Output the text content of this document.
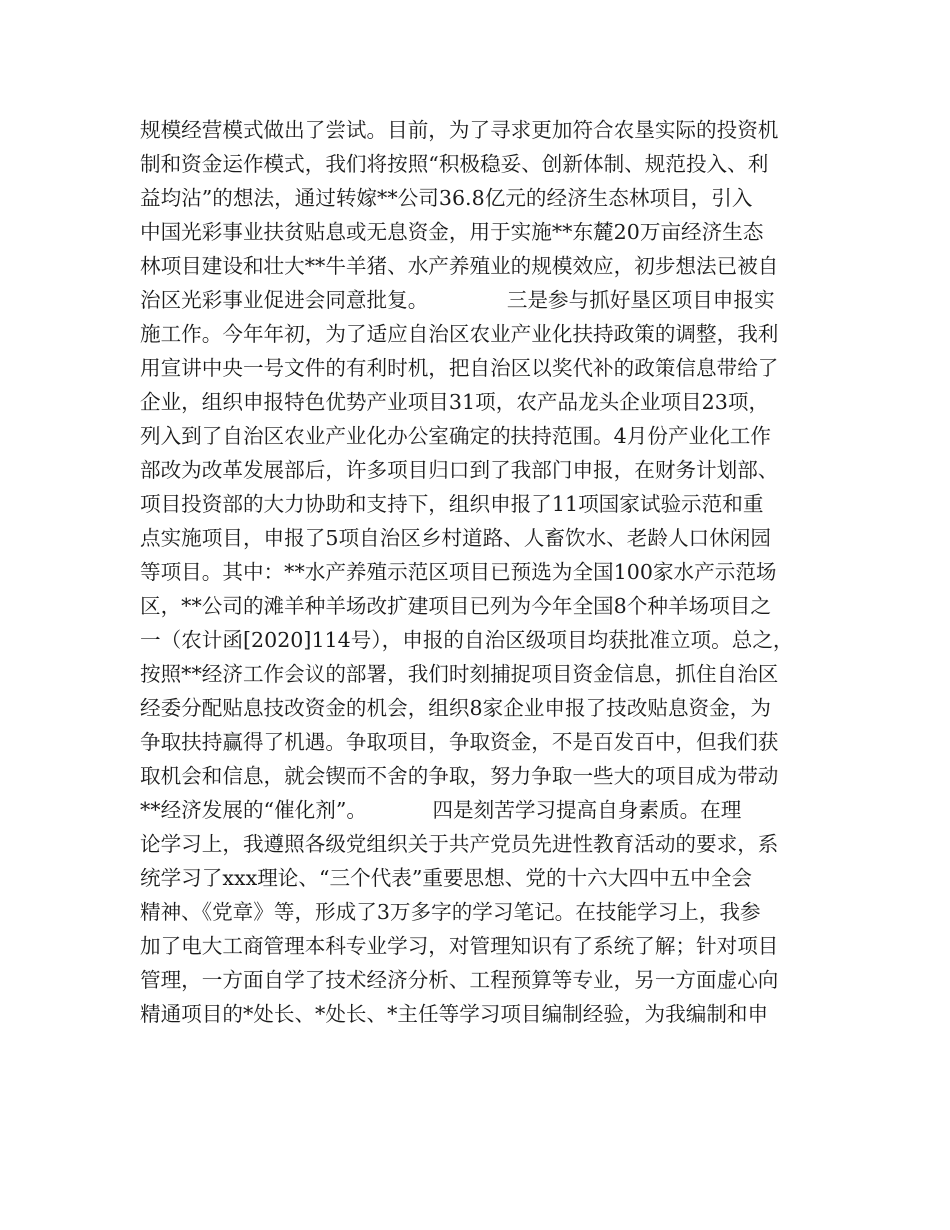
规模经营模式做出了尝试。目前，为了寻求更加符合农垦实际的投资机
制和资金运作模式，我们将按照“积极稳妥、创新体制、规范投入、利
益均沾”的想法，通过转嫁**公司36.8亿元的经济生态林项目，引入
中国光彩事业扶贫贴息或无息资金，用于实施**东麓20万亩经济生态
林项目建设和壮大**牛羊猪、水产养殖业的规模效应，初步想法已被自
治区光彩事业促进会同意批复。            三是参与抓好垦区项目申报实
施工作。今年年初，为了适应自治区农业产业化扶持政策的调整，我利
用宣讲中央一号文件的有利时机，把自治区以奖代补的政策信息带给了
企业，组织申报特色优势产业项目31项，农产品龙头企业项目23项，
列入到了自治区农业产业化办公室确定的扶持范围。4月份产业化工作
部改为改革发展部后，许多项目归口到了我部门申报，在财务计划部、
项目投资部的大力协助和支持下，组织申报了11项国家试验示范和重
点实施项目，申报了5项自治区乡村道路、人畜饮水、老龄人口休闲园
等项目。其中：**水产养殖示范区项目已预选为全国100家水产示范场
区，**公司的滩羊种羊场改扩建项目已列为今年全国8个种羊场项目之
一（农计函[2020]114号），申报的自治区级项目均获批准立项。总之，
按照**经济工作会议的部署，我们时刻捕捉项目资金信息，抓住自治区
经委分配贴息技改资金的机会，组织8家企业申报了技改贴息资金，为
争取扶持赢得了机遇。争取项目，争取资金，不是百发百中，但我们获
取机会和信息，就会锲而不舍的争取，努力争取一些大的项目成为带动
**经济发展的“催化剂”。          四是刻苦学习提高自身素质。在理
论学习上，我遵照各级党组织关于共产党员先进性教育活动的要求，系
统学习了xxx理论、“三个代表”重要思想、党的十六大四中五中全会
精神、《党章》等，形成了3万多字的学习笔记。在技能学习上，我参
加了电大工商管理本科专业学习，对管理知识有了系统了解；针对项目
管理，一方面自学了技术经济分析、工程预算等专业，另一方面虚心向
精通项目的*处长、*处长、*主任等学习项目编制经验，为我编制和申
